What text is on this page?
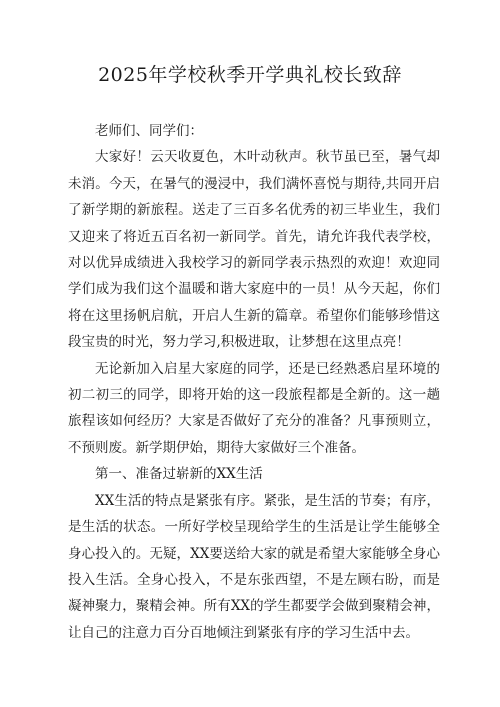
2025年学校秋季开学典礼校长致辞

老师们、同学们：

大家好！云天收夏色，木叶动秋声。秋节虽已至，暑气却未消。今天，在暑气的漫浸中，我们满怀喜悦与期待,共同开启了新学期的新旅程。送走了三百多名优秀的初三毕业生，我们又迎来了将近五百名初一新同学。首先，请允许我代表学校，对以优异成绩进入我校学习的新同学表示热烈的欢迎！欢迎同学们成为我们这个温暖和谐大家庭中的一员！从今天起，你们将在这里扬帆启航，开启人生新的篇章。希望你们能够珍惜这段宝贵的时光，努力学习,积极进取，让梦想在这里点亮！

无论新加入启星大家庭的同学，还是已经熟悉启星环境的初二初三的同学，即将开始的这一段旅程都是全新的。这一趟旅程该如何经历？大家是否做好了充分的准备？凡事预则立，不预则废。新学期伊始，期待大家做好三个准备。

第一、准备过崭新的XX生活

XX生活的特点是紧张有序。紧张，是生活的节奏；有序，是生活的状态。一所好学校呈现给学生的生活是让学生能够全身心投入的。无疑，XX要送给大家的就是希望大家能够全身心投入生活。全身心投入，不是东张西望，不是左顾右盼，而是凝神聚力，聚精会神。所有XX的学生都要学会做到聚精会神，让自己的注意力百分百地倾注到紧张有序的学习生活中去。
